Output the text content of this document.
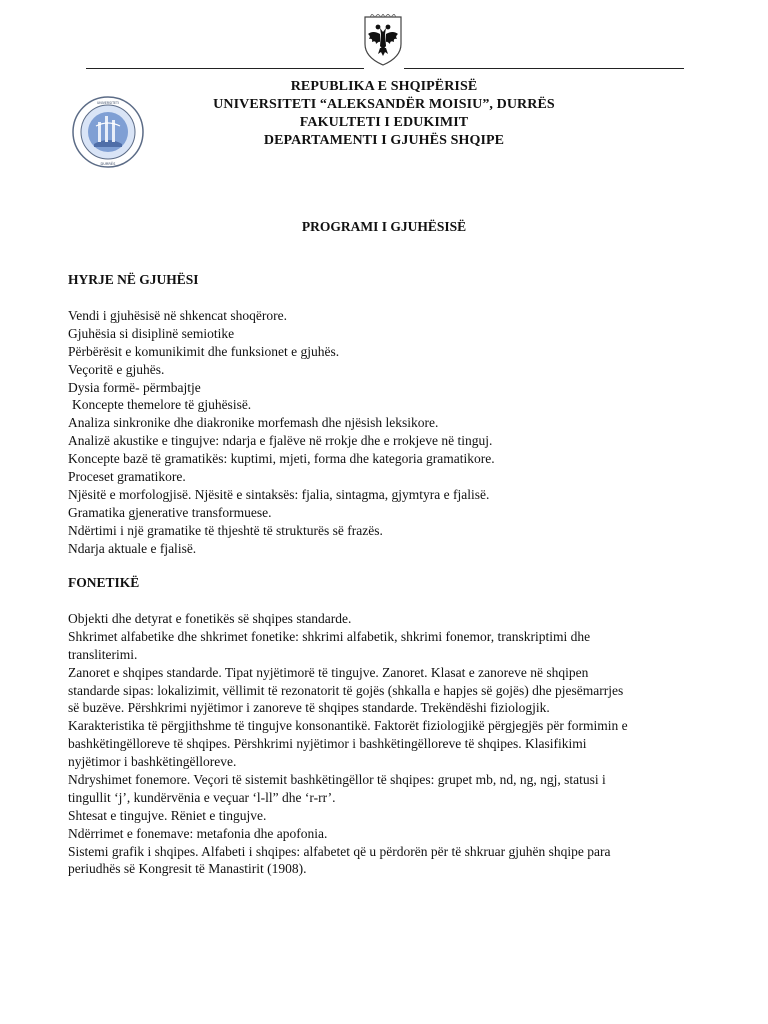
UNIVERSITETI
DURRËS
REPUBLIKA E SHQIPËRISË
UNIVERSITETI “ALEKSANDËR MOISIU”, DURRËS
FAKULTETI I EDUKIMIT
DEPARTAMENTI I GJUHËS SHQIPE
PROGRAMI I GJUHËSISË
HYRJE NË GJUHËSI
Vendi i gjuhësisë në shkencat shoqërore.
Gjuhësia si disiplinë semiotike
Përbërësit e komunikimit dhe funksionet e gjuhës.
Veçoritë e gjuhës.
Dysia formë- përmbajtje
Koncepte themelore të gjuhësisë.
Analiza sinkronike dhe diakronike morfemash dhe njësish leksikore.
Analizë akustike e tingujve: ndarja e fjalëve në rrokje dhe e rrokjeve në tinguj.
Koncepte bazë të gramatikës: kuptimi, mjeti, forma dhe kategoria gramatikore.
Proceset gramatikore.
Njësitë e morfologjisë. Njësitë e sintaksës: fjalia, sintagma, gjymtyra e fjalisë.
Gramatika gjenerative transformuese.
Ndërtimi i një gramatike të thjeshtë të strukturës së frazës.
Ndarja aktuale e fjalisë.
FONETIKË
Objekti dhe detyrat e fonetikës së shqipes standarde.
Shkrimet alfabetike dhe shkrimet fonetike: shkrimi alfabetik, shkrimi fonemor, transkriptimi dhe
transliterimi.
Zanoret e shqipes standarde. Tipat nyjëtimorë të tingujve. Zanoret. Klasat e zanoreve në shqipen
standarde sipas: lokalizimit, vëllimit të rezonatorit të gojës (shkalla e hapjes së gojës) dhe pjesëmarrjes
së buzëve. Përshkrimi nyjëtimor i zanoreve të shqipes standarde. Trekëndëshi fiziologjik.
Karakteristika të përgjithshme të tingujve konsonantikë. Faktorët fiziologjikë përgjegjës për formimin e
bashkëtingëlloreve të shqipes. Përshkrimi nyjëtimor i bashkëtingëlloreve të shqipes. Klasifikimi
nyjëtimor i bashkëtingëlloreve.
Ndryshimet fonemore. Veçori të sistemit bashkëtingëllor të shqipes: grupet mb, nd, ng, ngj, statusi i
tingullit ‘j’, kundërvënia e veçuar ‘l-ll” dhe ‘r-rr’.
Shtesat e tingujve. Rëniet e tingujve.
Ndërrimet e fonemave: metafonia dhe apofonia.
Sistemi grafik i shqipes. Alfabeti i shqipes: alfabetet që u përdorën për të shkruar gjuhën shqipe para
periudhës së Kongresit të Manastirit (1908).
